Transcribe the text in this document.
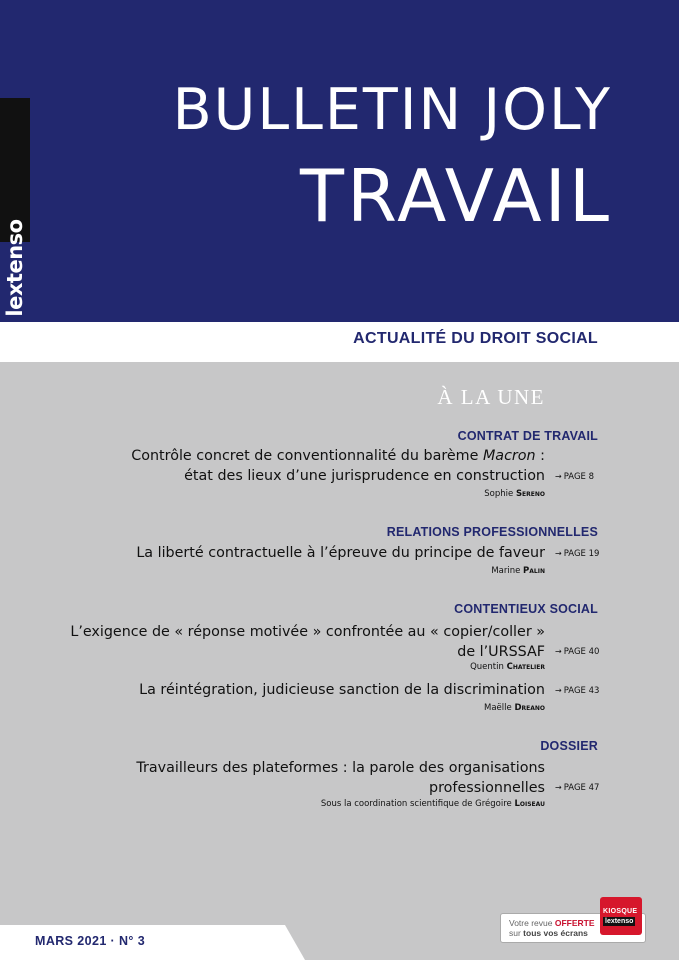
lextenso
BULLETIN JOLY
TRAVAIL
ACTUALITÉ DU DROIT SOCIAL
À LA UNE
CONTRAT DE TRAVAIL
Contrôle concret de conventionnalité du barème Macron :
état des lieux d’une jurisprudence en construction → PAGE 8
Sophie Sereno
RELATIONS PROFESSIONNELLES
La liberté contractuelle à l’épreuve du principe de faveur → PAGE 19
Marine Palin
CONTENTIEUX SOCIAL
L’exigence de « réponse motivée » confrontée au « copier/coller »
de l’URSSAF → PAGE 40
Quentin Chatelier
La réintégration, judicieuse sanction de la discrimination → PAGE 43
Maëlle Dreano
DOSSIER
Travailleurs des plateformes : la parole des organisations
professionnelles → PAGE 47
Sous la coordination scientifique de Grégoire Loiseau
MARS 2021 · N° 3
Votre revue OFFERTE
sur tous vos écrans
KIOSQUE
lextenso
